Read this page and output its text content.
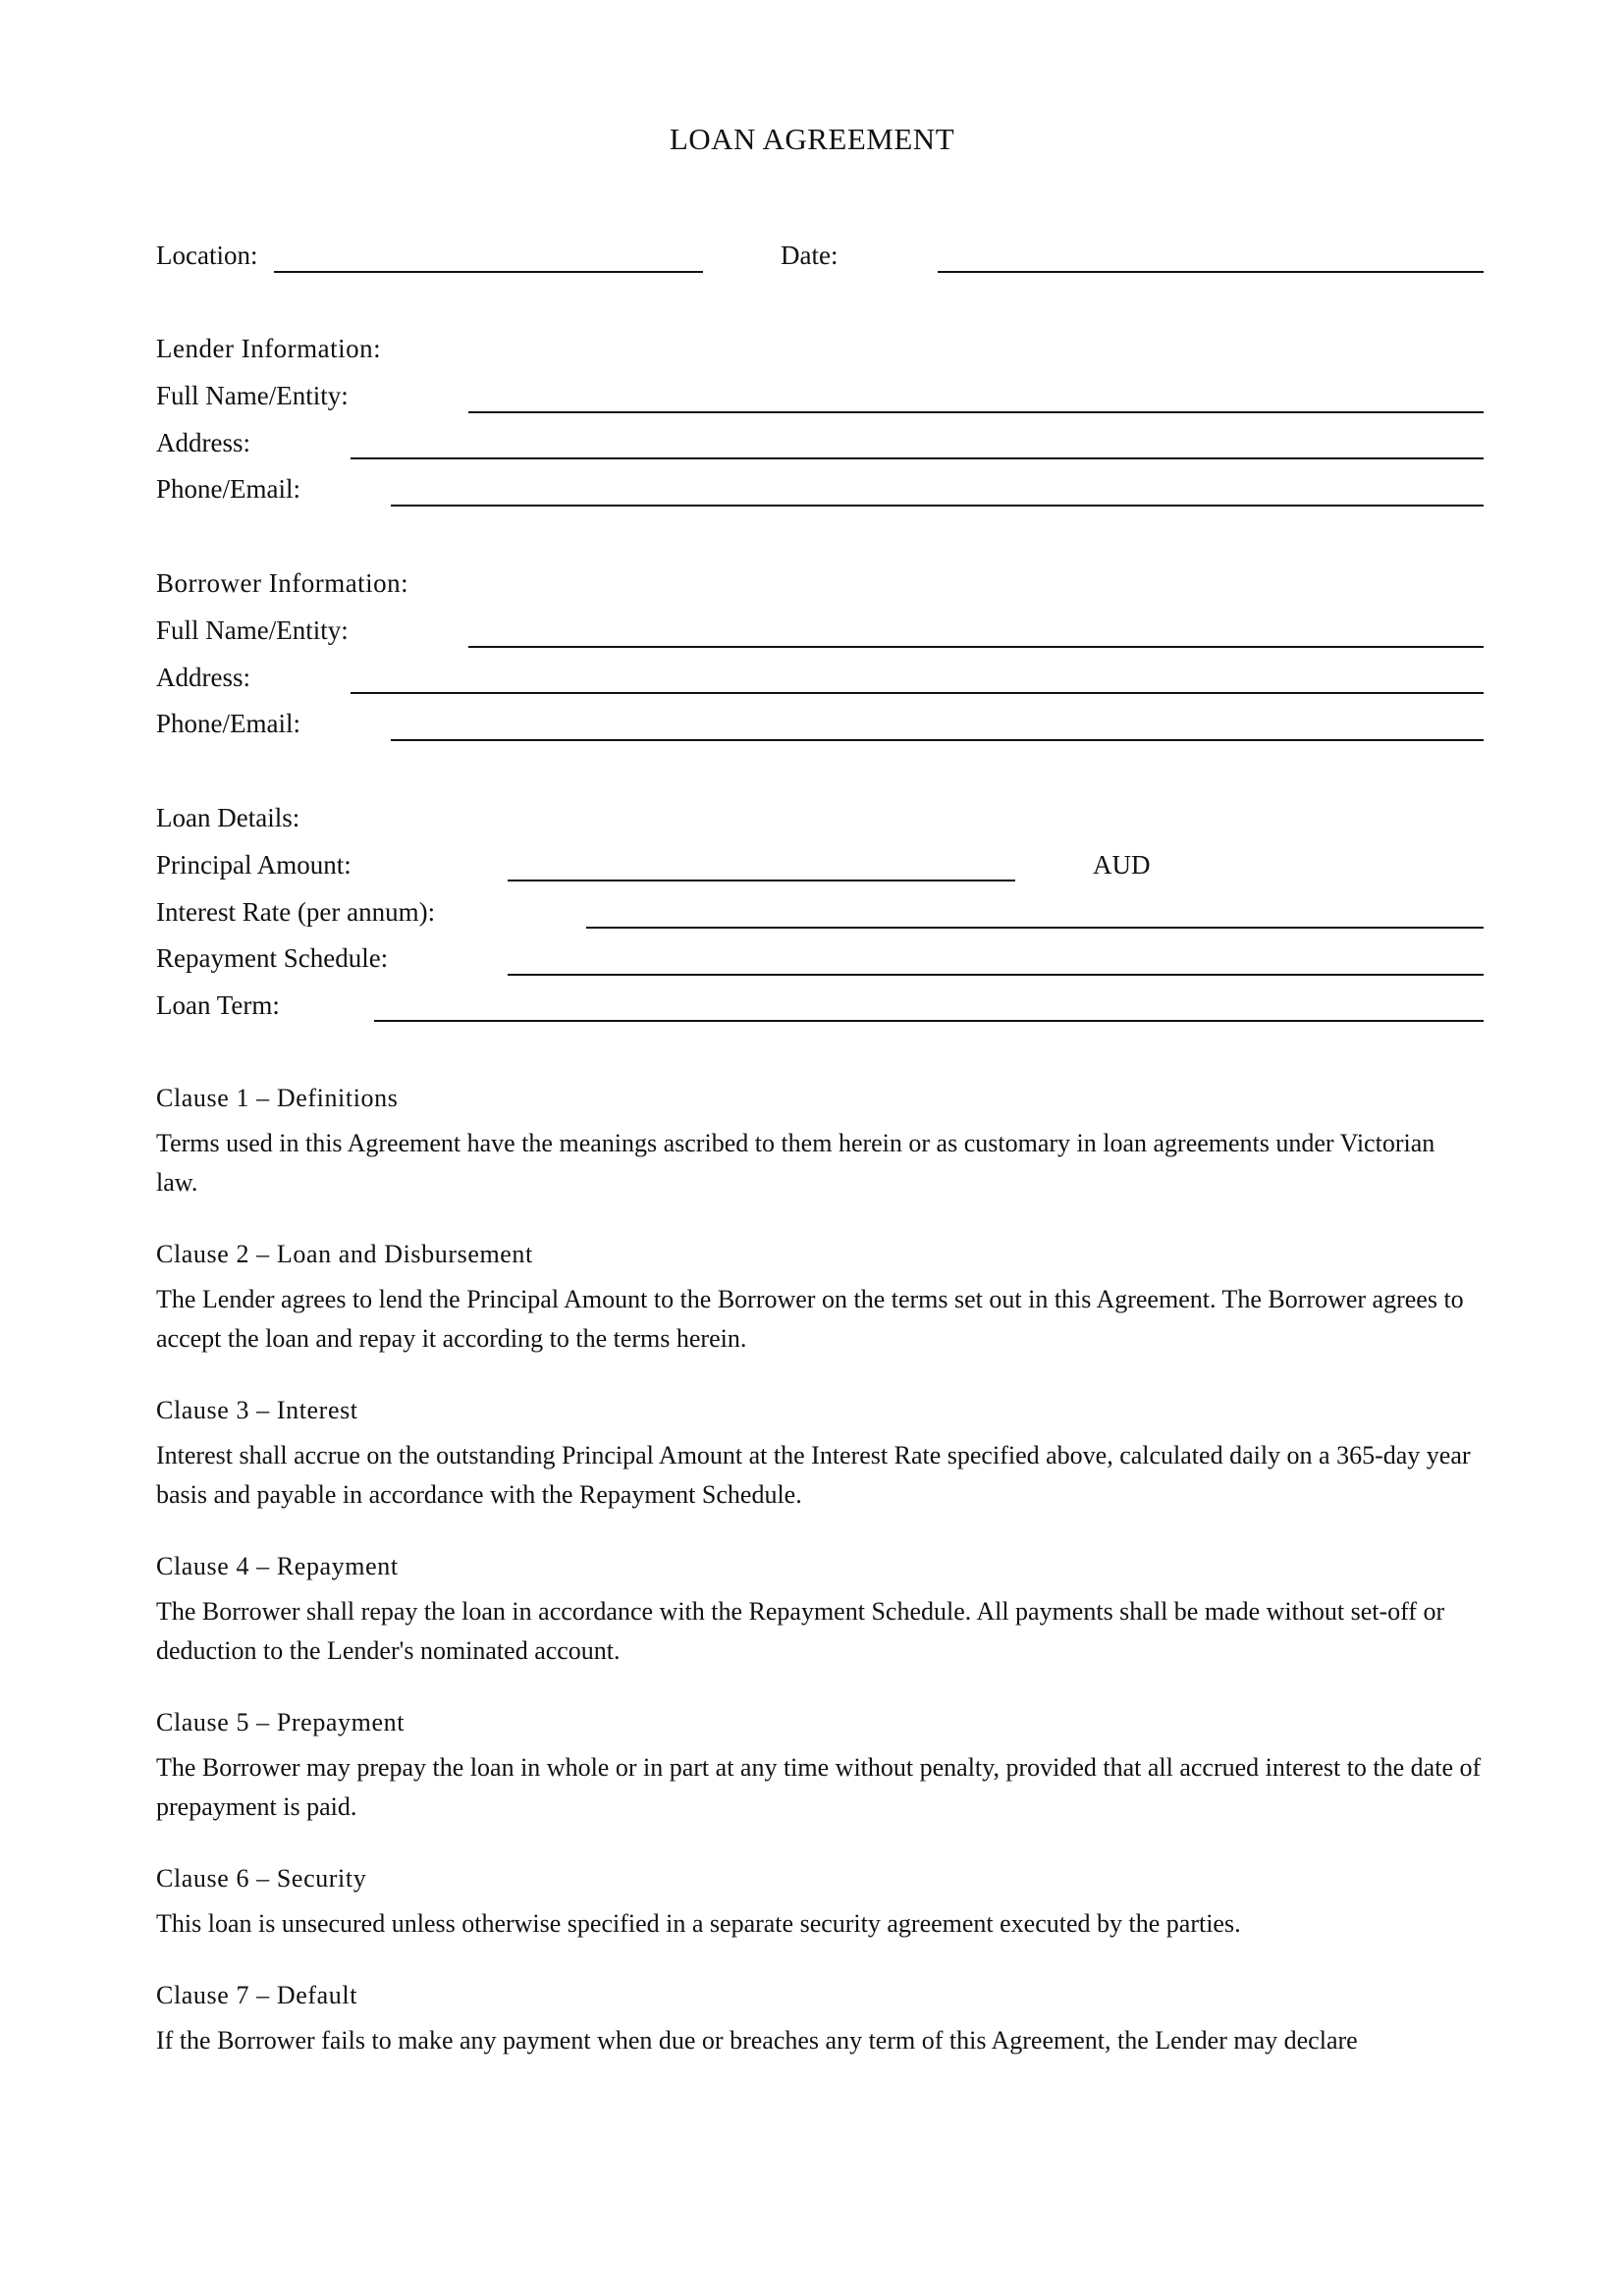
LOAN AGREEMENT
Location:	Date:
Lender Information:
Full Name/Entity:
Address:
Phone/Email:
Borrower Information:
Full Name/Entity:
Address:
Phone/Email:
Loan Details:
Principal Amount:	AUD
Interest Rate (per annum):
Repayment Schedule:
Loan Term:
Clause 1 – Definitions
Terms used in this Agreement have the meanings ascribed to them herein or as customary in loan agreements under Victorian law.
Clause 2 – Loan and Disbursement
The Lender agrees to lend the Principal Amount to the Borrower on the terms set out in this Agreement. The Borrower agrees to accept the loan and repay it according to the terms herein.
Clause 3 – Interest
Interest shall accrue on the outstanding Principal Amount at the Interest Rate specified above, calculated daily on a 365-day year basis and payable in accordance with the Repayment Schedule.
Clause 4 – Repayment
The Borrower shall repay the loan in accordance with the Repayment Schedule. All payments shall be made without set-off or deduction to the Lender's nominated account.
Clause 5 – Prepayment
The Borrower may prepay the loan in whole or in part at any time without penalty, provided that all accrued interest to the date of prepayment is paid.
Clause 6 – Security
This loan is unsecured unless otherwise specified in a separate security agreement executed by the parties.
Clause 7 – Default
If the Borrower fails to make any payment when due or breaches any term of this Agreement, the Lender may declare
